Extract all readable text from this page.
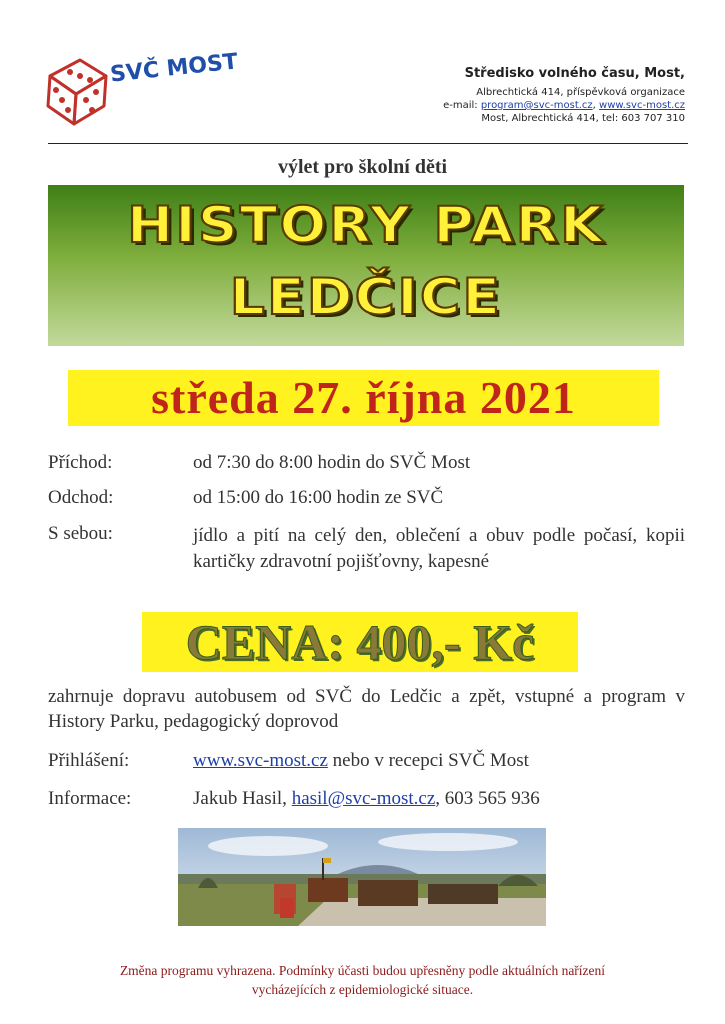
SVČ MOST	Středisko volného času, Most,
Albrechtická 414, příspěvková organizace
e-mail: program@svc-most.cz, www.svc-most.cz
Most, Albrechtická 414, tel: 603 707 310
výlet pro školní děti
HISTORY PARK
LEDČICE
středa 27. října 2021
Příchod:	od 7:30 do 8:00 hodin do SVČ Most
Odchod:	od 15:00 do 16:00 hodin ze SVČ
S sebou:	jídlo a pití na celý den, oblečení a obuv podle počasí, kopii kartičky zdravotní pojišťovny, kapesné
CENA: 400,- Kč
zahrnuje dopravu autobusem od SVČ do Ledčic a zpět, vstupné a program v History Parku, pedagogický doprovod
Přihlášení:	www.svc-most.cz nebo v recepci SVČ Most
Informace:	Jakub Hasil, hasil@svc-most.cz, 603 565 936
Změna programu vyhrazena. Podmínky účasti budou upřesněny podle aktuálních nařízení
vycházejících z epidemiologické situace.
